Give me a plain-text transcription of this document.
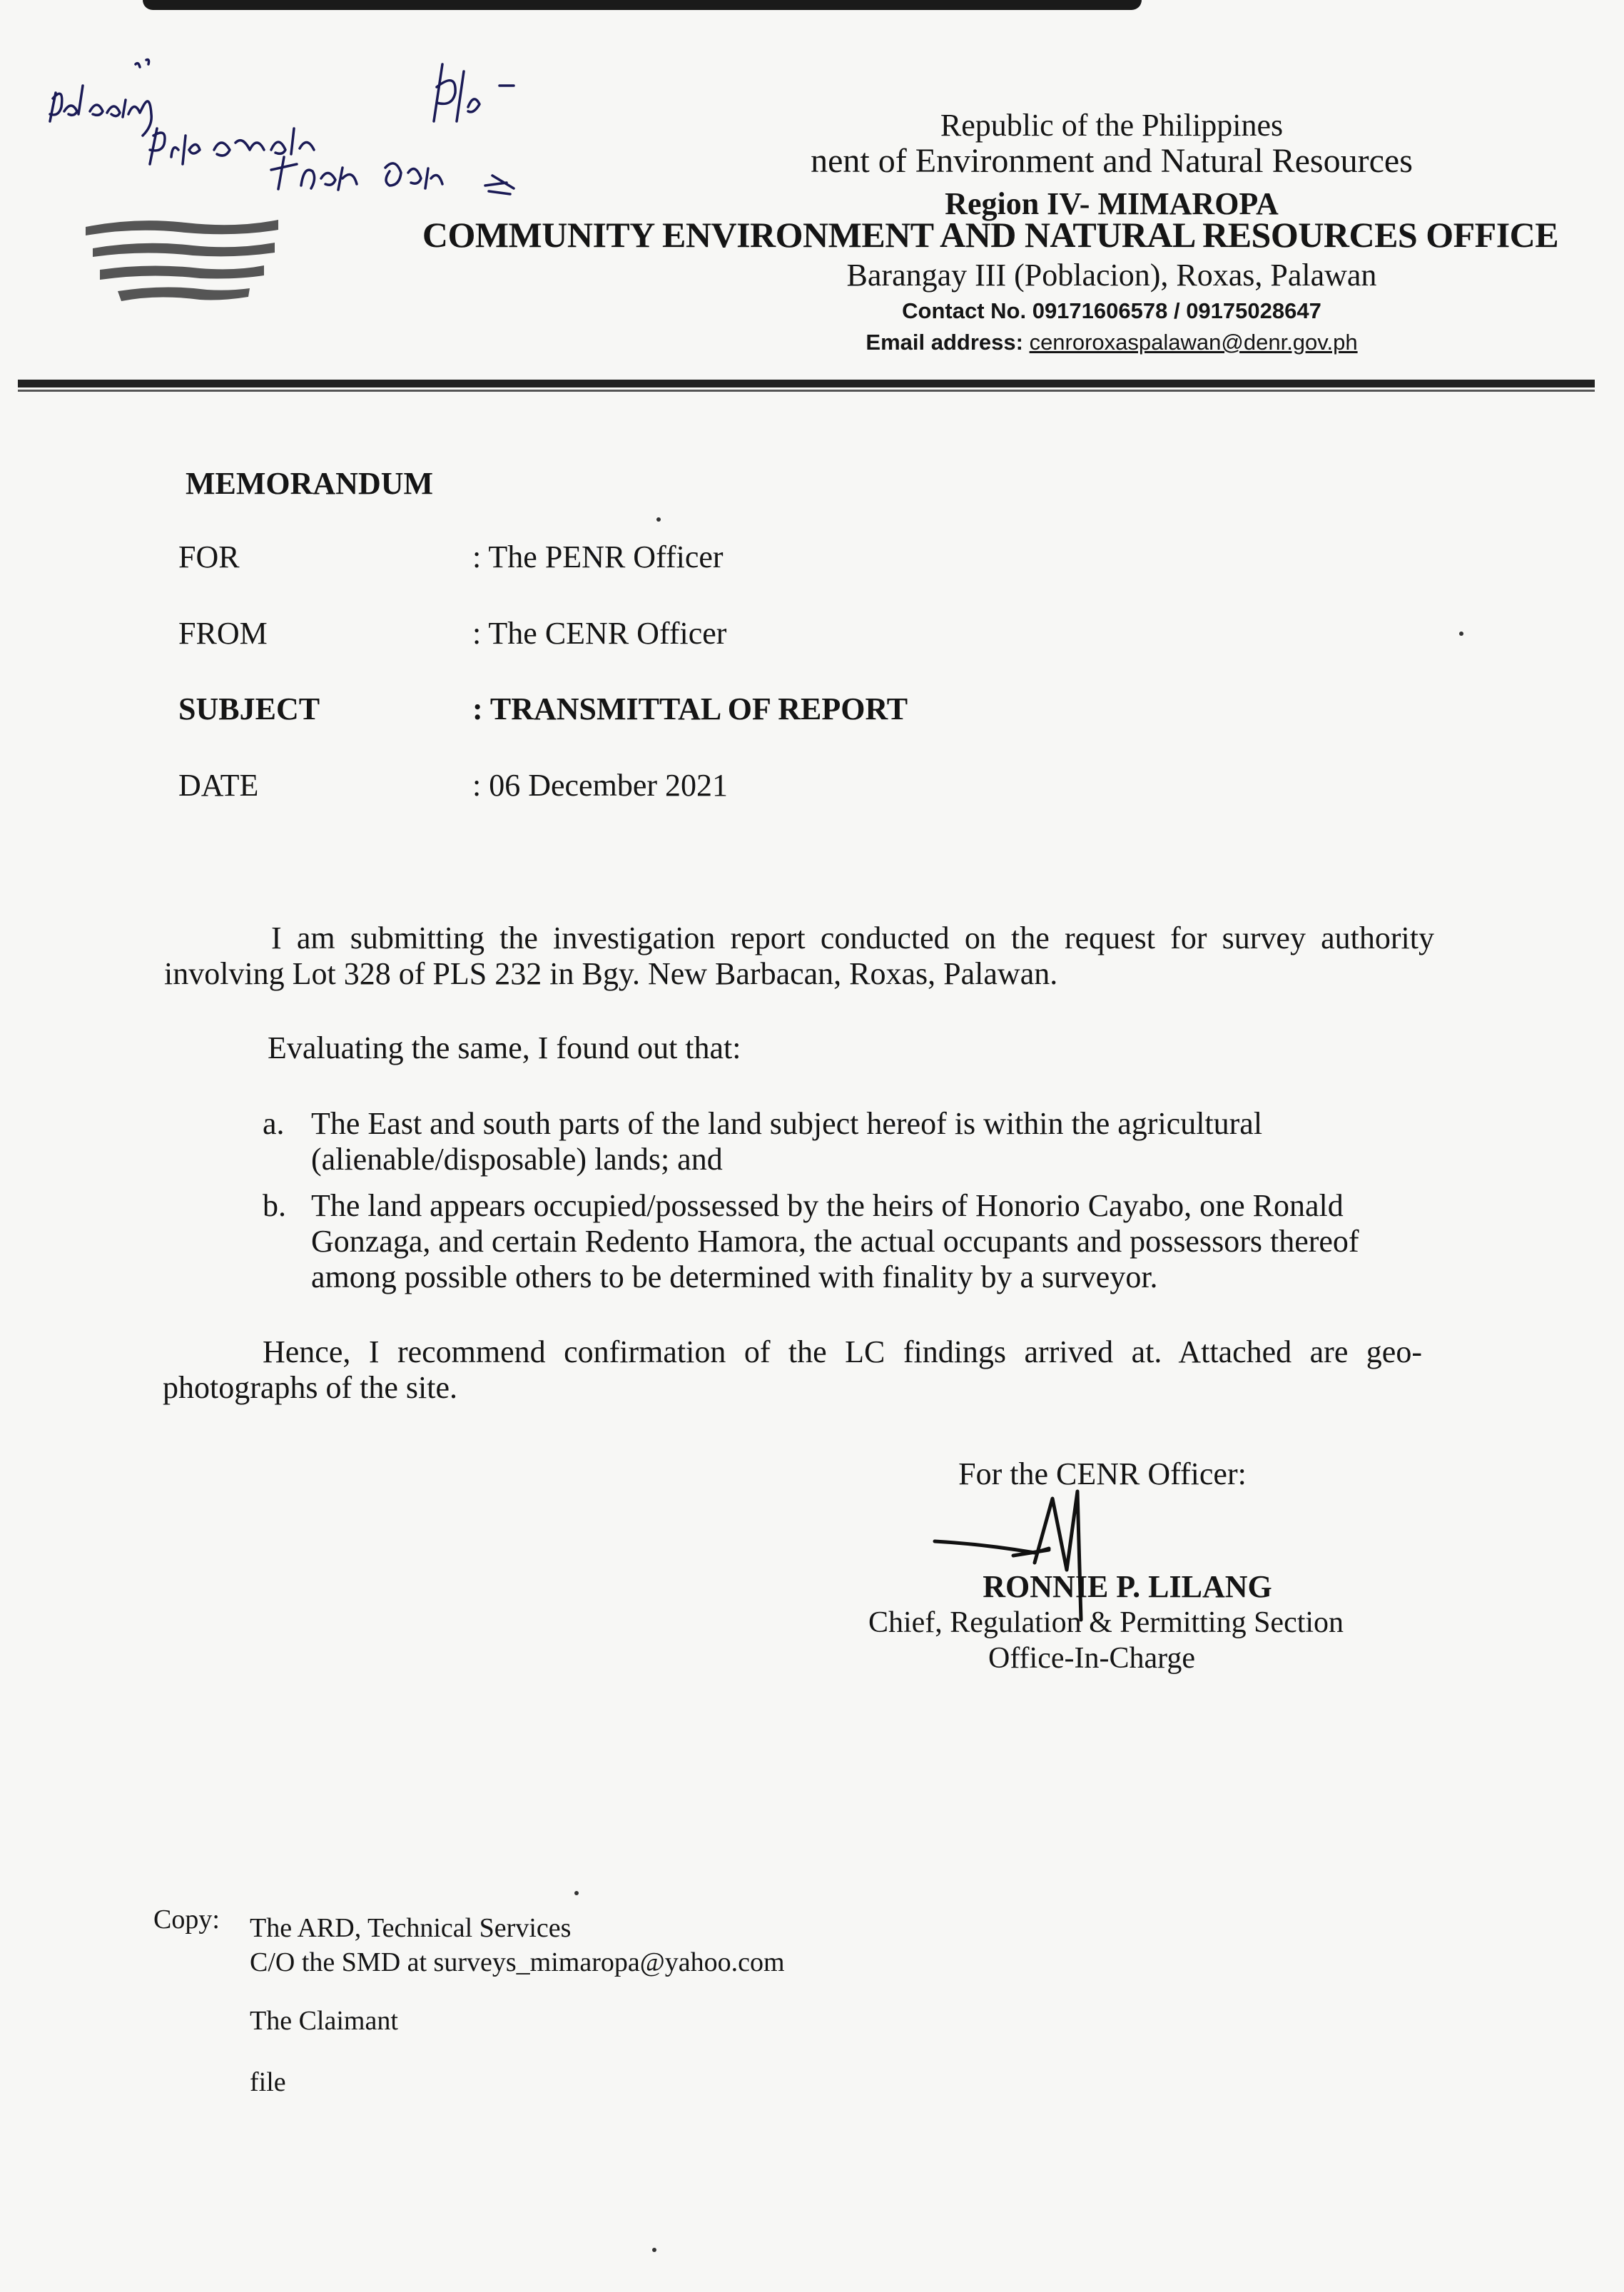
Republic of the Philippines
nent of Environment and Natural Resources
Region IV- MIMAROPA
COMMUNITY ENVIRONMENT AND NATURAL RESOURCES OFFICE
Barangay III (Poblacion), Roxas, Palawan
Contact No. 09171606578 / 09175028647
Email address: cenroroxaspalawan@denr.gov.ph
MEMORANDUM
FOR	: The PENR Officer
FROM	: The CENR Officer
SUBJECT	: TRANSMITTAL OF REPORT
DATE	: 06 December 2021
I am submitting the investigation report conducted on the request for survey authority involving Lot 328 of PLS 232 in Bgy. New Barbacan, Roxas, Palawan.
Evaluating the same, I found out that:
a. The East and south parts of the land subject hereof is within the agricultural (alienable/disposable) lands; and
b. The land appears occupied/possessed by the heirs of Honorio Cayabo, one Ronald Gonzaga, and certain Redento Hamora, the actual occupants and possessors thereof among possible others to be determined with finality by a surveyor.
Hence, I recommend confirmation of the LC findings arrived at. Attached are geo-photographs of the site.
For the CENR Officer:
RONNIE P. LILANG
Chief, Regulation & Permitting Section
Office-In-Charge
Copy: The ARD, Technical Services
C/O the SMD at surveys_mimaropa@yahoo.com
The Claimant
file
